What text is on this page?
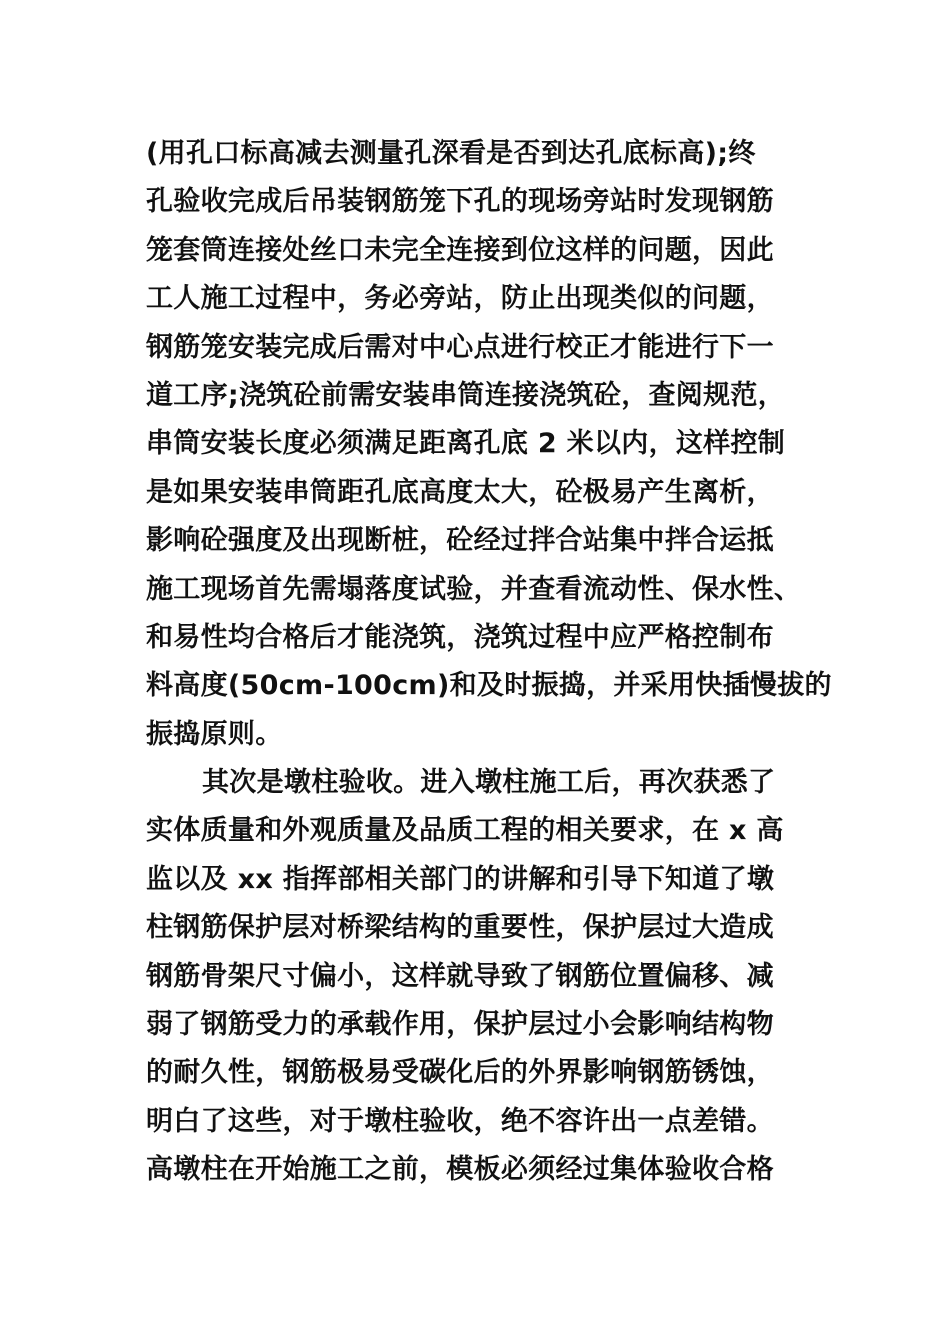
(用孔口标高减去测量孔深看是否到达孔底标高);终
孔验收完成后吊装钢筋笼下孔的现场旁站时发现钢筋
笼套筒连接处丝口未完全连接到位这样的问题，因此
工人施工过程中，务必旁站，防止出现类似的问题，
钢筋笼安装完成后需对中心点进行校正才能进行下一
道工序;浇筑砼前需安装串筒连接浇筑砼，查阅规范，
串筒安装长度必须满足距离孔底 2 米以内，这样控制
是如果安装串筒距孔底高度太大，砼极易产生离析，
影响砼强度及出现断桩，砼经过拌合站集中拌合运抵
施工现场首先需塌落度试验，并查看流动性、保水性、
和易性均合格后才能浇筑，浇筑过程中应严格控制布
料高度(50cm-100cm)和及时振捣，并采用快插慢拔的
振捣原则。
其次是墩柱验收。进入墩柱施工后，再次获悉了
实体质量和外观质量及品质工程的相关要求，在 x 高
监以及 xx 指挥部相关部门的讲解和引导下知道了墩
柱钢筋保护层对桥梁结构的重要性，保护层过大造成
钢筋骨架尺寸偏小，这样就导致了钢筋位置偏移、减
弱了钢筋受力的承载作用，保护层过小会影响结构物
的耐久性，钢筋极易受碳化后的外界影响钢筋锈蚀，
明白了这些，对于墩柱验收，绝不容许出一点差错。
高墩柱在开始施工之前，模板必须经过集体验收合格
